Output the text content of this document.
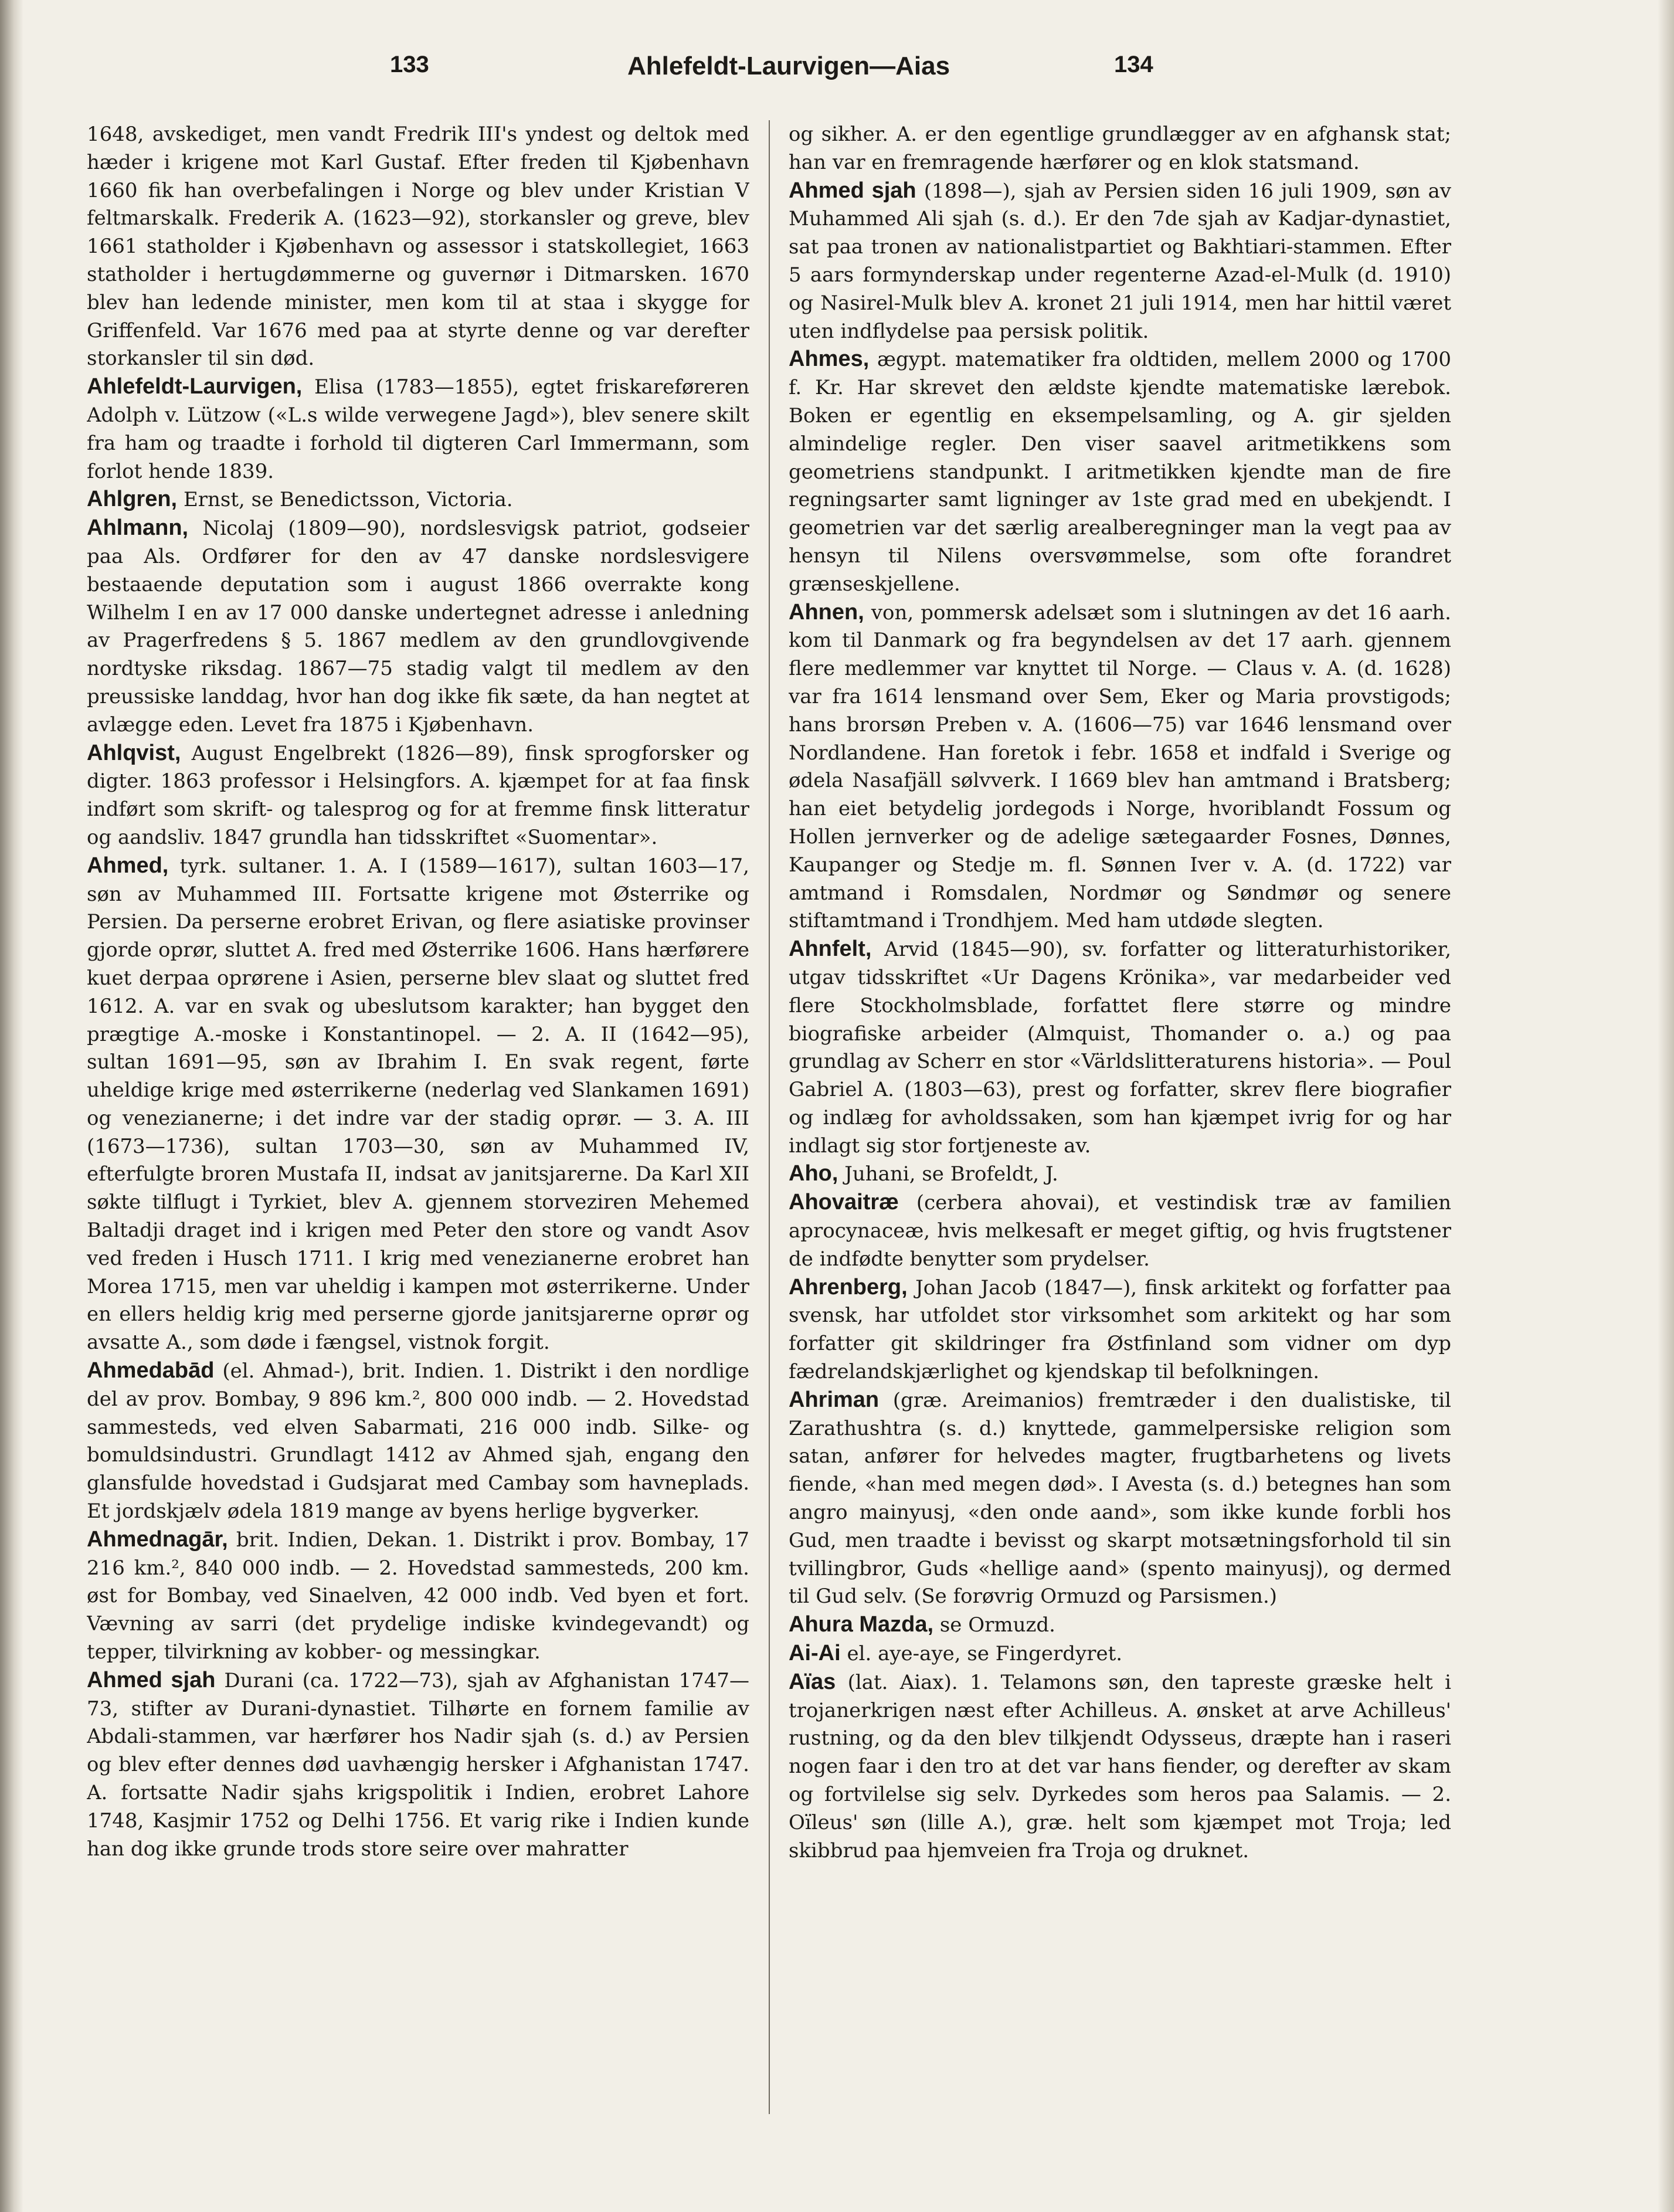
133	Ahlefeldt-Laurvigen—Aias	134

1648, avskediget, men vandt Fredrik III's yndest og deltok med hæder i krigene mot Karl Gustaf. Efter freden til Kjøbenhavn 1660 fik han overbefalingen i Norge og blev under Kristian V feltmarskalk. Frederik A. (1623—92), storkansler og greve, blev 1661 statholder i Kjøbenhavn og assessor i statskollegiet, 1663 statholder i hertugdømmerne og guvernør i Ditmarsken. 1670 blev han ledende minister, men kom til at staa i skygge for Griffenfeld. Var 1676 med paa at styrte denne og var derefter storkansler til sin død.

Ahlefeldt-Laurvigen, Elisa (1783—1855), egtet friskareføreren Adolph v. Lützow («L.s wilde verwegene Jagd»), blev senere skilt fra ham og traadte i forhold til digteren Carl Immermann, som forlot hende 1839.

Ahlgren, Ernst, se Benedictsson, Victoria.

Ahlmann, Nicolaj (1809—90), nordslesvigsk patriot, godseier paa Als. Ordfører for den av 47 danske nordslesvigere bestaaende deputation som i august 1866 overrakte kong Wilhelm I en av 17 000 danske undertegnet adresse i anledning av Pragerfredens § 5. 1867 medlem av den grundlovgivende nordtyske riksdag. 1867—75 stadig valgt til medlem av den preussiske landdag, hvor han dog ikke fik sæte, da han negtet at avlægge eden. Levet fra 1875 i Kjøbenhavn.

Ahlqvist, August Engelbrekt (1826—89), finsk sprogforsker og digter. 1863 professor i Helsingfors. A. kjæmpet for at faa finsk indført som skrift- og talesprog og for at fremme finsk litteratur og aandsliv. 1847 grundla han tidsskriftet «Suomentar».

Ahmed, tyrk. sultaner. 1. A. I (1589—1617), sultan 1603—17, søn av Muhammed III. Fortsatte krigene mot Østerrike og Persien. Da perserne erobret Erivan, og flere asiatiske provinser gjorde oprør, sluttet A. fred med Østerrike 1606. Hans hærførere kuet derpaa oprørene i Asien, perserne blev slaat og sluttet fred 1612. A. var en svak og ubeslutsom karakter; han bygget den prægtige A.-moske i Konstantinopel. — 2. A. II (1642—95), sultan 1691—95, søn av Ibrahim I. En svak regent, førte uheldige krige med østerrikerne (nederlag ved Slankamen 1691) og venezianerne; i det indre var der stadig oprør. — 3. A. III (1673—1736), sultan 1703—30, søn av Muhammed IV, efterfulgte broren Mustafa II, indsat av janitsjarerne. Da Karl XII søkte tilflugt i Tyrkiet, blev A. gjennem storveziren Mehemed Baltadji draget ind i krigen med Peter den store og vandt Asov ved freden i Husch 1711. I krig med venezianerne erobret han Morea 1715, men var uheldig i kampen mot østerrikerne. Under en ellers heldig krig med perserne gjorde janitsjarerne oprør og avsatte A., som døde i fængsel, vistnok forgit.

Ahmedabād (el. Ahmad-), brit. Indien. 1. Distrikt i den nordlige del av prov. Bombay, 9 896 km.², 800 000 indb. — 2. Hovedstad sammesteds, ved elven Sabarmati, 216 000 indb. Silke- og bomuldsindustri. Grundlagt 1412 av Ahmed sjah, engang den glansfulde hovedstad i Gudsjarat med Cambay som havneplads. Et jordskjælv ødela 1819 mange av byens herlige bygverker.

Ahmednagār, brit. Indien, Dekan. 1. Distrikt i prov. Bombay, 17 216 km.², 840 000 indb. — 2. Hovedstad sammesteds, 200 km. øst for Bombay, ved Sinaelven, 42 000 indb. Ved byen et fort. Vævning av sarri (det prydelige indiske kvindegevandt) og tepper, tilvirkning av kobber- og messingkar.

Ahmed sjah Durani (ca. 1722—73), sjah av Afghanistan 1747—73, stifter av Durani-dynastiet. Tilhørte en fornem familie av Abdali-stammen, var hærfører hos Nadir sjah (s. d.) av Persien og blev efter dennes død uavhængig hersker i Afghanistan 1747. A. fortsatte Nadir sjahs krigspolitik i Indien, erobret Lahore 1748, Kasjmir 1752 og Delhi 1756. Et varig rike i Indien kunde han dog ikke grunde trods store seire over mahratter

og sikher. A. er den egentlige grundlægger av en afghansk stat; han var en fremragende hærfører og en klok statsmand.

Ahmed sjah (1898—), sjah av Persien siden 16 juli 1909, søn av Muhammed Ali sjah (s. d.). Er den 7de sjah av Kadjar-dynastiet, sat paa tronen av nationalistpartiet og Bakhtiari-stammen. Efter 5 aars formynderskap under regenterne Azad-el-Mulk (d. 1910) og Nasirel-Mulk blev A. kronet 21 juli 1914, men har hittil været uten indflydelse paa persisk politik.

Ahmes, ægypt. matematiker fra oldtiden, mellem 2000 og 1700 f. Kr. Har skrevet den ældste kjendte matematiske lærebok. Boken er egentlig en eksempelsamling, og A. gir sjelden almindelige regler. Den viser saavel aritmetikkens som geometriens standpunkt. I aritmetikken kjendte man de fire regningsarter samt ligninger av 1ste grad med en ubekjendt. I geometrien var det særlig arealberegninger man la vegt paa av hensyn til Nilens oversvømmelse, som ofte forandret grænseskjellene.

Ahnen, von, pommersk adelsæt som i slutningen av det 16 aarh. kom til Danmark og fra begyndelsen av det 17 aarh. gjennem flere medlemmer var knyttet til Norge. — Claus v. A. (d. 1628) var fra 1614 lensmand over Sem, Eker og Maria provstigods; hans brorsøn Preben v. A. (1606—75) var 1646 lensmand over Nordlandene. Han foretok i febr. 1658 et indfald i Sverige og ødela Nasafjäll sølvverk. I 1669 blev han amtmand i Bratsberg; han eiet betydelig jordegods i Norge, hvoriblandt Fossum og Hollen jernverker og de adelige sætegaarder Fosnes, Dønnes, Kaupanger og Stedje m. fl. Sønnen Iver v. A. (d. 1722) var amtmand i Romsdalen, Nordmør og Søndmør og senere stiftamtmand i Trondhjem. Med ham utdøde slegten.

Ahnfelt, Arvid (1845—90), sv. forfatter og litteraturhistoriker, utgav tidsskriftet «Ur Dagens Krönika», var medarbeider ved flere Stockholmsblade, forfattet flere større og mindre biografiske arbeider (Almquist, Thomander o. a.) og paa grundlag av Scherr en stor «Världslitteraturens historia». — Poul Gabriel A. (1803—63), prest og forfatter, skrev flere biografier og indlæg for avholdssaken, som han kjæmpet ivrig for og har indlagt sig stor fortjeneste av.

Aho, Juhani, se Brofeldt, J.

Ahovaitræ (cerbera ahovai), et vestindisk træ av familien aprocynaceæ, hvis melkesaft er meget giftig, og hvis frugtstener de indfødte benytter som prydelser.

Ahrenberg, Johan Jacob (1847—), finsk arkitekt og forfatter paa svensk, har utfoldet stor virksomhet som arkitekt og har som forfatter git skildringer fra Østfinland som vidner om dyp fædrelandskjærlighet og kjendskap til befolkningen.

Ahriman (græ. Areimanios) fremtræder i den dualistiske, til Zarathushtra (s. d.) knyttede, gammelpersiske religion som satan, anfører for helvedes magter, frugtbarhetens og livets fiende, «han med megen død». I Avesta (s. d.) betegnes han som angro mainyusj, «den onde aand», som ikke kunde forbli hos Gud, men traadte i bevisst og skarpt motsætningsforhold til sin tvillingbror, Guds «hellige aand» (spento mainyusj), og dermed til Gud selv. (Se forøvrig Ormuzd og Parsismen.)

Ahura Mazda, se Ormuzd.

Ai-Ai el. aye-aye, se Fingerdyret.

Aïas (lat. Aiax). 1. Telamons søn, den tapreste græske helt i trojanerkrigen næst efter Achilleus. A. ønsket at arve Achilleus' rustning, og da den blev tilkjendt Odysseus, dræpte han i raseri nogen faar i den tro at det var hans fiender, og derefter av skam og fortvilelse sig selv. Dyrkedes som heros paa Salamis. — 2. Oïleus' søn (lille A.), græ. helt som kjæmpet mot Troja; led skibbrud paa hjemveien fra Troja og druknet.
